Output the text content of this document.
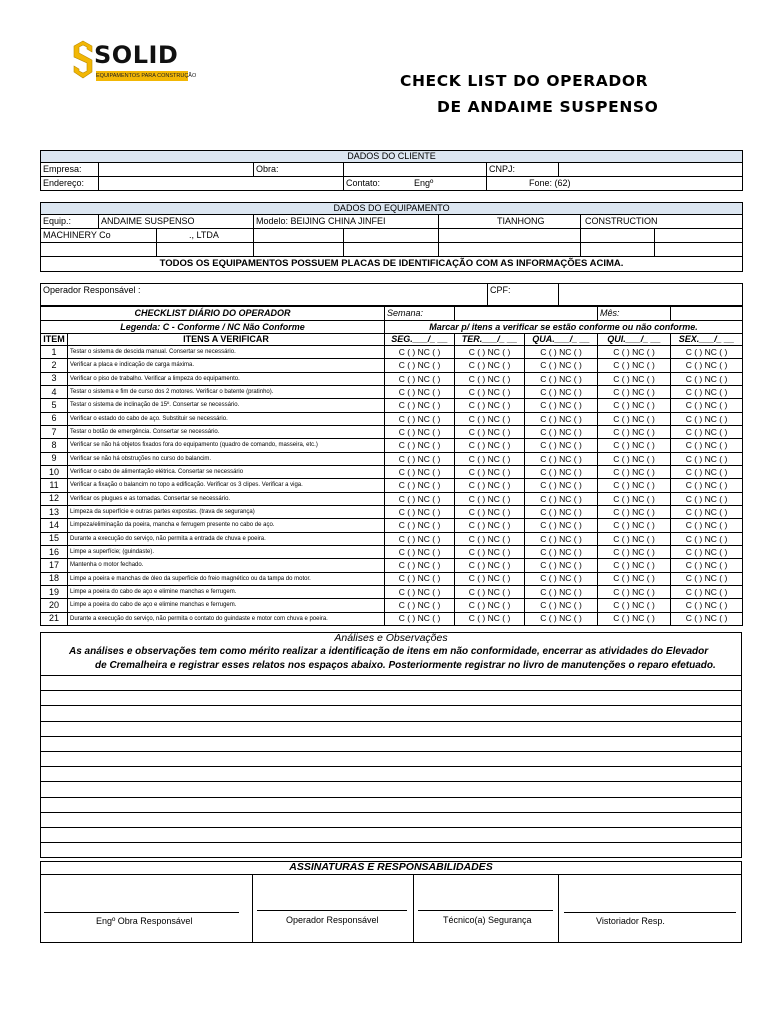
SOLID
EQUIPAMENTOS PARA CONSTRUÇÃO	CHECK LIST DO OPERADOR
DE ANDAIME SUSPENSO
DADOS DO CLIENTE					
Empresa:		Obra:		CNPJ:	
Endereço:			Contato: Engº	Fone: (62)	
DADOS DO EQUIPAMENTO							
Equip.:	ANDAIME SUSPENSO		Modelo: BEIJING CHINA JINFEI		TIANHONG	CONSTRUCTION	
MACHINERY Co		., LTDA					

TODOS OS EQUIPAMENTOS POSSUEM PLACAS DE IDENTIFICAÇÃO COM AS INFORMAÇÕES ACIMA.							
Operador Responsável :	CPF:	
CHECKLIST DIÁRIO DO OPERADOR		Semana:			Mês:	
Legenda: C - Conforme / NC Não Conforme		Marcar p/ itens a verificar se estão conforme ou não conforme.				
ITEM	ITENS A VERIFICAR	SEG.___/_ __	TER.___/_ __	QUA.___/_ __	QUI.___/_ __	SEX.___/_ __
1	Testar o sistema de descida manual. Consertar se necessário.	C ( ) NC ( )	C ( ) NC ( )	C ( ) NC ( )	C ( ) NC ( )	C ( ) NC ( )
2	Verificar a placa e indicação de carga máxima.	C ( ) NC ( )	C ( ) NC ( )	C ( ) NC ( )	C ( ) NC ( )	C ( ) NC ( )
3	Verificar o piso de trabalho. Verificar a limpeza do equipamento.	C ( ) NC ( )	C ( ) NC ( )	C ( ) NC ( )	C ( ) NC ( )	C ( ) NC ( )
4	Testar o sistema e fim de curso dos 2 motores. Verificar o batente (pratinho).	C ( ) NC ( )	C ( ) NC ( )	C ( ) NC ( )	C ( ) NC ( )	C ( ) NC ( )
5	Testar o sistema de inclinação de 15º. Consertar se necessário.	C ( ) NC ( )	C ( ) NC ( )	C ( ) NC ( )	C ( ) NC ( )	C ( ) NC ( )
6	Verificar o estado do cabo de aço. Substituir se necessário.	C ( ) NC ( )	C ( ) NC ( )	C ( ) NC ( )	C ( ) NC ( )	C ( ) NC ( )
7	Testar o botão de emergência. Consertar se necessário.	C ( ) NC ( )	C ( ) NC ( )	C ( ) NC ( )	C ( ) NC ( )	C ( ) NC ( )
8	Verificar se não há objetos fixados fora do equipamento (quadro de comando, masseira, etc.)	C ( ) NC ( )	C ( ) NC ( )	C ( ) NC ( )	C ( ) NC ( )	C ( ) NC ( )
9	Verificar se não há obstruções no curso do balancim.	C ( ) NC ( )	C ( ) NC ( )	C ( ) NC ( )	C ( ) NC ( )	C ( ) NC ( )
10	Verificar o cabo de alimentação elétrica. Consertar se necessário	C ( ) NC ( )	C ( ) NC ( )	C ( ) NC ( )	C ( ) NC ( )	C ( ) NC ( )
11	Verificar a fixação o balancim no topo a edificação. Verificar os 3 clipes. Verificar a viga.	C ( ) NC ( )	C ( ) NC ( )	C ( ) NC ( )	C ( ) NC ( )	C ( ) NC ( )
12	Verificar os plugues e as tomadas. Consertar se necessário.	C ( ) NC ( )	C ( ) NC ( )	C ( ) NC ( )	C ( ) NC ( )	C ( ) NC ( )
13	Limpeza da superfície e outras partes expostas. (trava de segurança)	C ( ) NC ( )	C ( ) NC ( )	C ( ) NC ( )	C ( ) NC ( )	C ( ) NC ( )
14	Limpeza/eliminação da poeira, mancha e ferrugem presente no cabo de aço.	C ( ) NC ( )	C ( ) NC ( )	C ( ) NC ( )	C ( ) NC ( )	C ( ) NC ( )
15	Durante a execução do serviço, não permita a entrada de chuva e poeira.	C ( ) NC ( )	C ( ) NC ( )	C ( ) NC ( )	C ( ) NC ( )	C ( ) NC ( )
16	Limpe a superfície; (guindaste).	C ( ) NC ( )	C ( ) NC ( )	C ( ) NC ( )	C ( ) NC ( )	C ( ) NC ( )
17	Mantenha o motor fechado.	C ( ) NC ( )	C ( ) NC ( )	C ( ) NC ( )	C ( ) NC ( )	C ( ) NC ( )
18	Limpe a poeira e manchas de óleo da superfície do freio magnético ou da tampa do motor.	C ( ) NC ( )	C ( ) NC ( )	C ( ) NC ( )	C ( ) NC ( )	C ( ) NC ( )
19	Limpe a poeira do cabo de aço e elimine manchas e ferrugem.	C ( ) NC ( )	C ( ) NC ( )	C ( ) NC ( )	C ( ) NC ( )	C ( ) NC ( )
20	Limpe a poeira do cabo de aço e elimine manchas e ferrugem.	C ( ) NC ( )	C ( ) NC ( )	C ( ) NC ( )	C ( ) NC ( )	C ( ) NC ( )
21	Durante a execução do serviço, não permita o contato do guindaste e motor com chuva e poeira.	C ( ) NC ( )	C ( ) NC ( )	C ( ) NC ( )	C ( ) NC ( )	C ( ) NC ( )
Análises e Observações
As análises e observações tem como mérito realizar a identificação de itens em não conformidade, encerrar as atividades do Elevador
de Cremalheira e registrar esses relatos nos espaços abaixo. Posteriormente registrar no livro de manutenções o reparo efetuado.
ASSINATURAS E RESPONSABILIDADES
Engº Obra Responsável	Operador Responsável	Técnico(a) Segurança	Vistoriador Resp.
